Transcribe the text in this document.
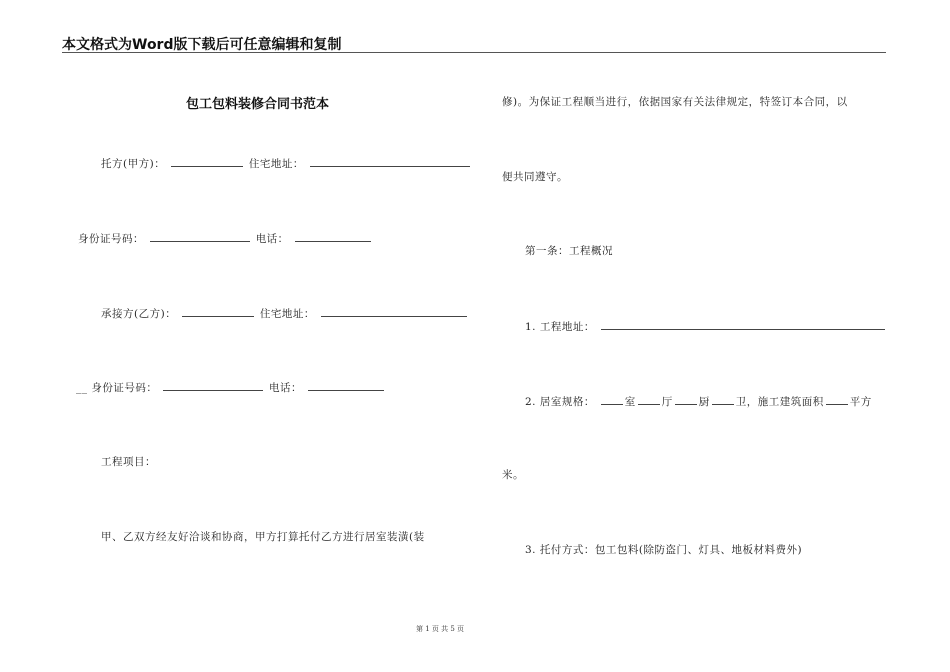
本文格式为Word版下载后可任意编辑和复制
包工包料装修合同书范本
托方(甲方)：	住宅地址：
身份证号码：	电话：
承接方(乙方)：	住宅地址：
__ 身份证号码：	电话：
工程项目：
甲、乙双方经友好洽谈和协商，甲方打算托付乙方进行居室装潢(装
修)。为保证工程顺当进行，依据国家有关法律规定，特签订本合同，以
便共同遵守。
第一条：工程概况
1. 工程地址：
2. 居室规格：	室 厅 厨 卫，施工建筑面积 平方
米。
3. 托付方式：包工包料(除防盗门、灯具、地板材料费外)
第 1 页 共 5 页
